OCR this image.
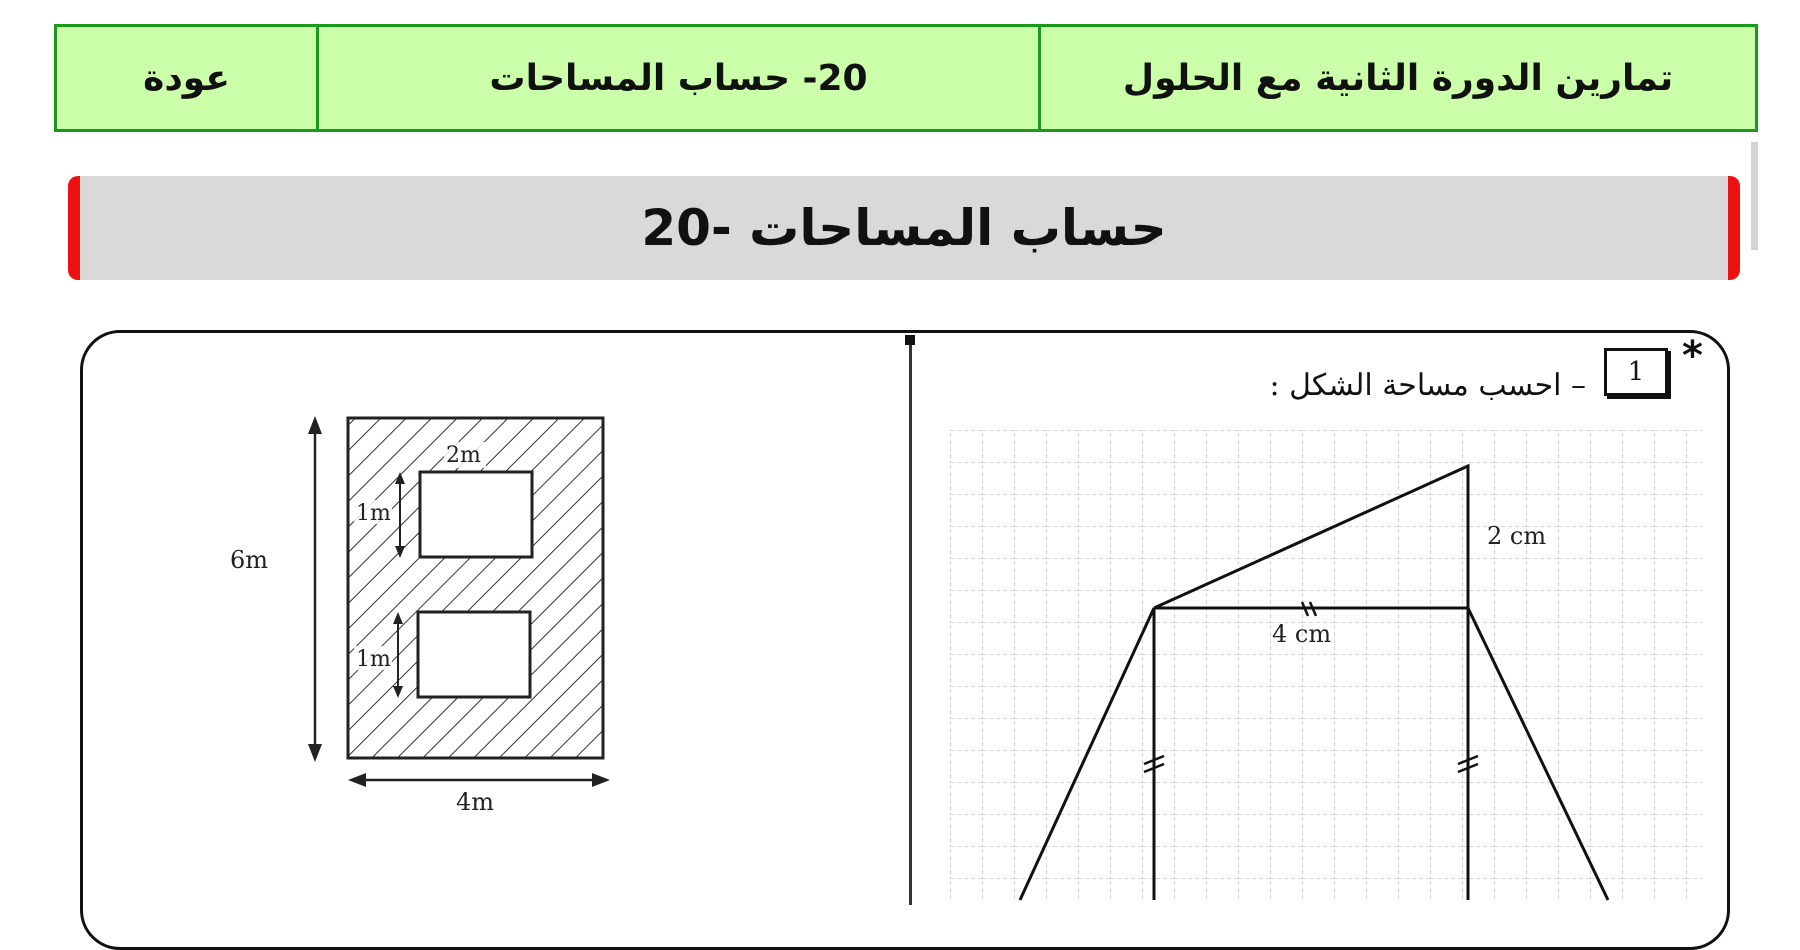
تمارين الدورة الثانية مع الحلول
20- حساب المساحات
عودة
حساب المساحات -20
*
1
– احسب مساحة الشكل :
2m
1m
1m
6m
4m
2 cm
4 cm
